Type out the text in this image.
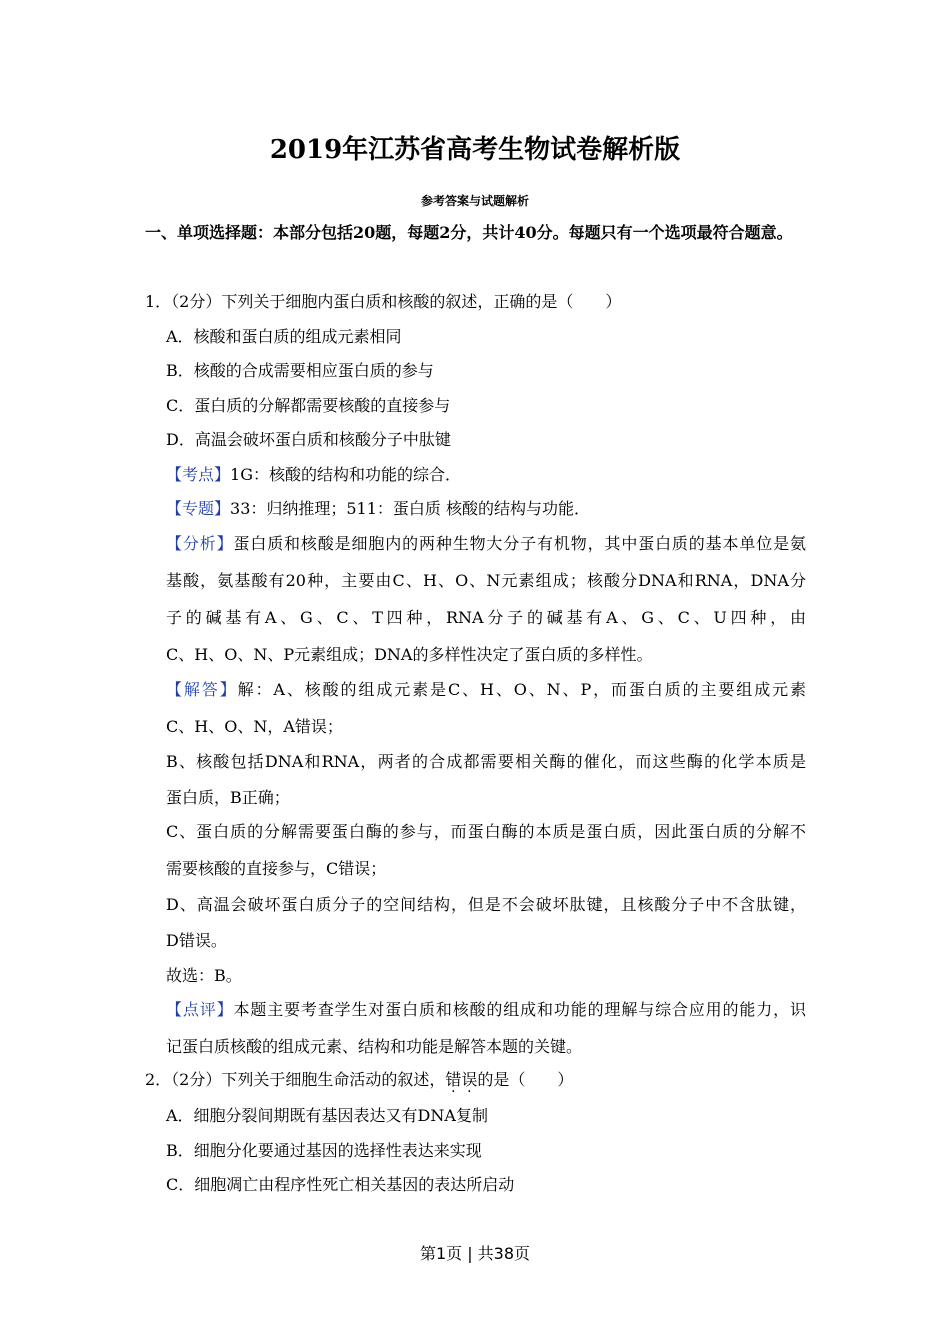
2019年江苏省高考生物试卷解析版
参考答案与试题解析
一、单项选择题：本部分包括20题，每题2分，共计40分。每题只有一个选项最符合题意。
1．（2分）下列关于细胞内蛋白质和核酸的叙述，正确的是（　　）
A．核酸和蛋白质的组成元素相同
B．核酸的合成需要相应蛋白质的参与
C．蛋白质的分解都需要核酸的直接参与
D．高温会破坏蛋白质和核酸分子中肽键
【考点】1G：核酸的结构和功能的综合．
【专题】33：归纳推理；511：蛋白质 核酸的结构与功能．
【分析】蛋白质和核酸是细胞内的两种生物大分子有机物，其中蛋白质的基本单位是氨
基酸，氨基酸有20种，主要由C、H、O、N元素组成；核酸分DNA和RNA，DNA分
子的碱基有A、G、C、T四种，RNA分子的碱基有A、G、C、U四种，由
C、H、O、N、P元素组成；DNA的多样性决定了蛋白质的多样性。
【解答】解：A、核酸的组成元素是C、H、O、N、P，而蛋白质的主要组成元素
C、H、O、N，A错误；
B、核酸包括DNA和RNA，两者的合成都需要相关酶的催化，而这些酶的化学本质是
蛋白质，B正确；
C、蛋白质的分解需要蛋白酶的参与，而蛋白酶的本质是蛋白质，因此蛋白质的分解不
需要核酸的直接参与，C错误；
D、高温会破坏蛋白质分子的空间结构，但是不会破坏肽键，且核酸分子中不含肽键，
D错误。
故选：B。
【点评】本题主要考查学生对蛋白质和核酸的组成和功能的理解与综合应用的能力，识
记蛋白质核酸的组成元素、结构和功能是解答本题的关键。
2．（2分）下列关于细胞生命活动的叙述，错误的是（　　）
A．细胞分裂间期既有基因表达又有DNA复制
B．细胞分化要通过基因的选择性表达来实现
C．细胞凋亡由程序性死亡相关基因的表达所启动
第1页 | 共38页
